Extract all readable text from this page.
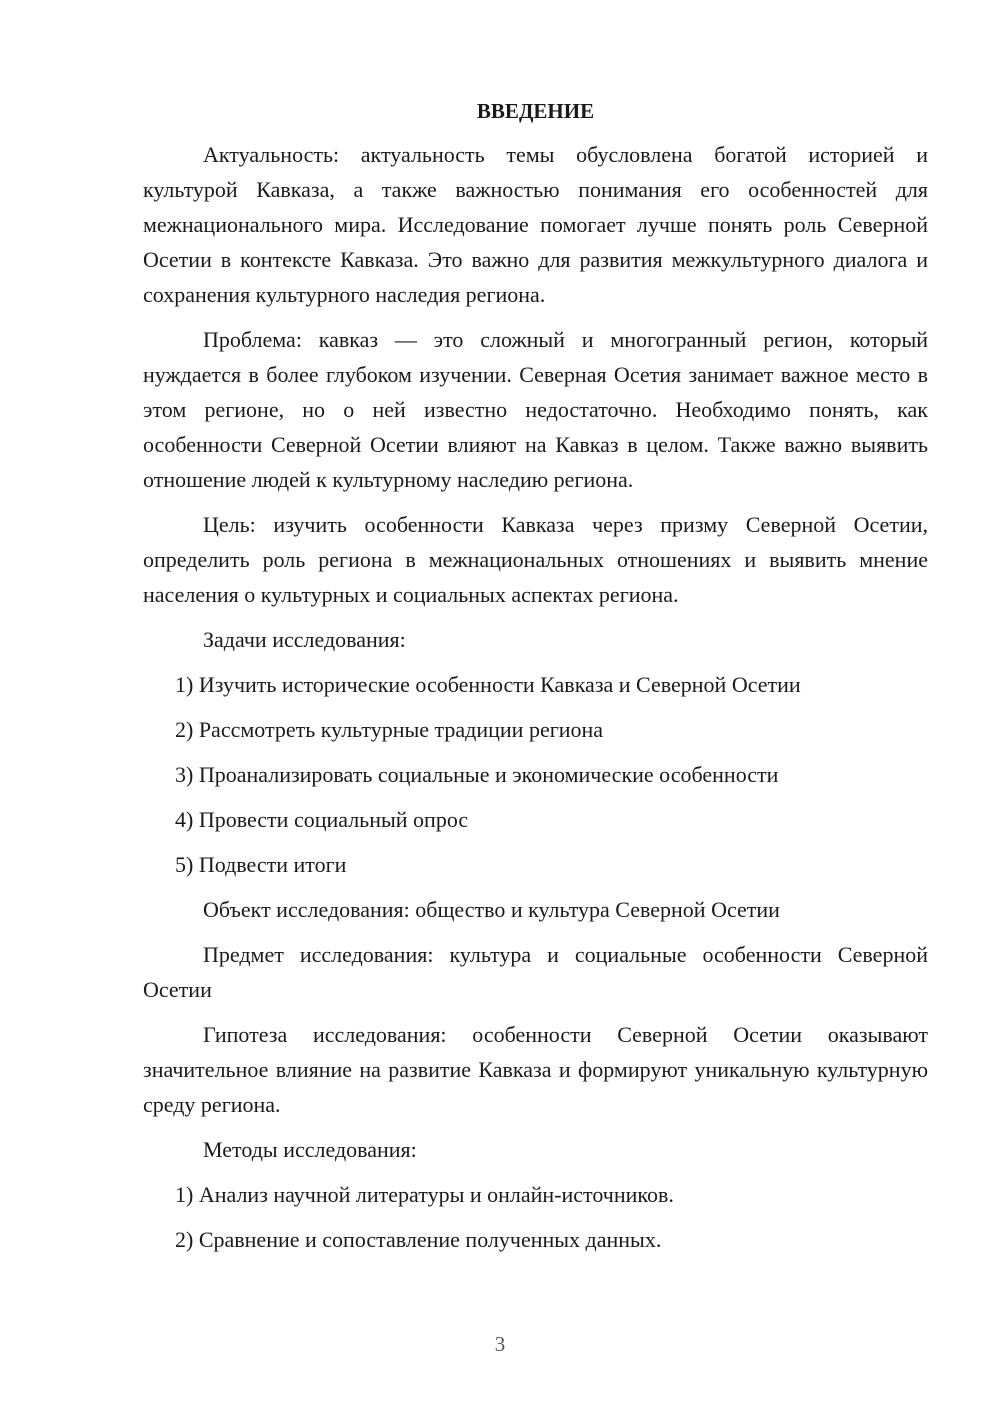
ВВЕДЕНИЕ

Актуальность: актуальность темы обусловлена богатой историей и культурой Кавказа, а также важностью понимания его особенностей для межнационального мира. Исследование помогает лучше понять роль Северной Осетии в контексте Кавказа. Это важно для развития межкультурного диалога и сохранения культурного наследия региона.

Проблема: кавказ — это сложный и многогранный регион, который нуждается в более глубоком изучении. Северная Осетия занимает важное место в этом регионе, но о ней известно недостаточно. Необходимо понять, как особенности Северной Осетии влияют на Кавказ в целом. Также важно выявить отношение людей к культурному наследию региона.

Цель: изучить особенности Кавказа через призму Северной Осетии, определить роль региона в межнациональных отношениях и выявить мнение населения о культурных и социальных аспектах региона.

Задачи исследования:
1) Изучить исторические особенности Кавказа и Северной Осетии
2) Рассмотреть культурные традиции региона
3) Проанализировать социальные и экономические особенности
4) Провести социальный опрос
5) Подвести итоги
Объект исследования: общество и культура Северной Осетии

Предмет исследования: культура и социальные особенности Северной Осетии

Гипотеза исследования: особенности Северной Осетии оказывают значительное влияние на развитие Кавказа и формируют уникальную культурную среду региона.

Методы исследования:
1) Анализ научной литературы и онлайн-источников.
2) Сравнение и сопоставление полученных данных.
3
